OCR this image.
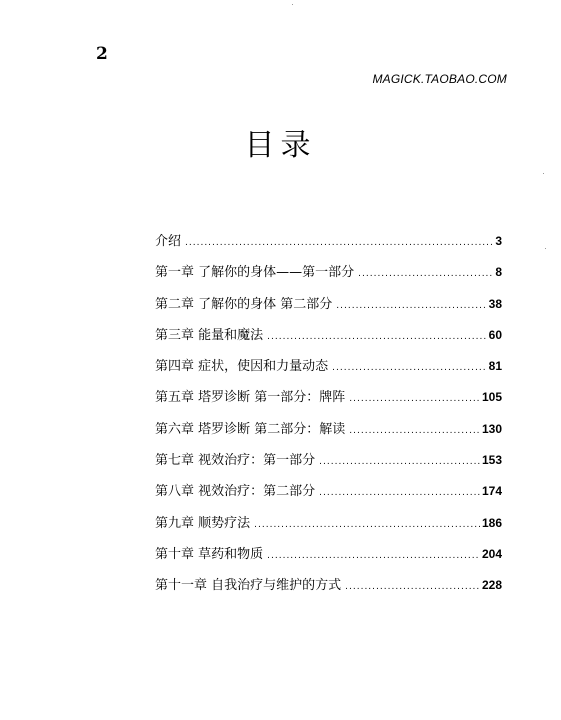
2
MAGICK.TAOBAO.COM
目录
介绍 .....	3
第一章 了解你的身体——第一部分 .....	8
第二章 了解你的身体 第二部分 .....	38
第三章 能量和魔法 .....	60
第四章 症状，使因和力量动态 .....	81
第五章 塔罗诊断 第一部分：牌阵 .....	105
第六章 塔罗诊断 第二部分：解读 .....	130
第七章 视效治疗：第一部分 .....	153
第八章 视效治疗：第二部分 .....	174
第九章 顺势疗法 .....	186
第十章 草药和物质 .....	204
第十一章 自我治疗与维护的方式 .....	228
